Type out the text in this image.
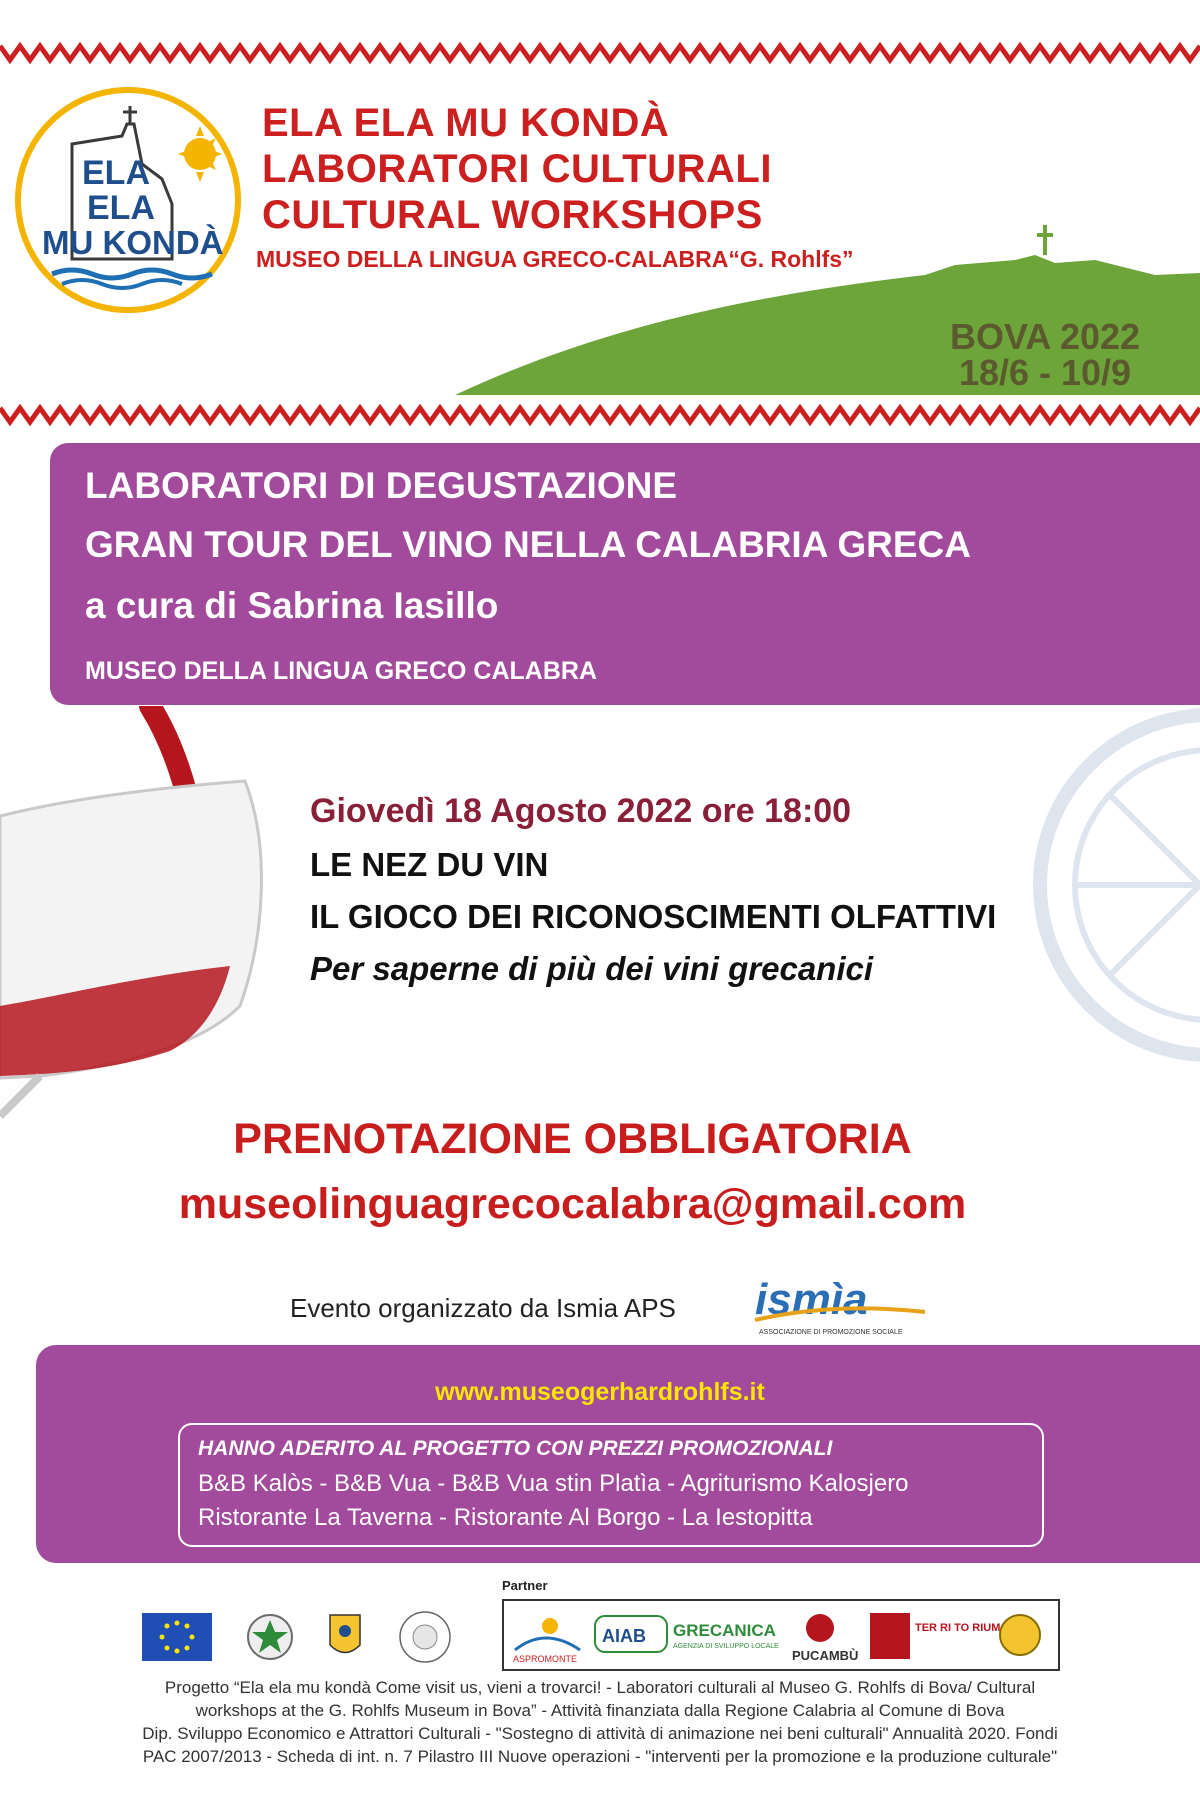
ELA
ELA
MU KONDÀ
ELA ELA MU KONDÀ
LABORATORI CULTURALI
CULTURAL WORKSHOPS
MUSEO DELLA LINGUA GRECO-CALABRA“G. Rohlfs”
BOVA 2022
18/6 - 10/9
LABORATORI DI DEGUSTAZIONE
GRAN TOUR DEL VINO NELLA CALABRIA GRECA
a cura di Sabrina Iasillo
MUSEO DELLA LINGUA GRECO CALABRA
Giovedì 18 Agosto 2022 ore 18:00
LE NEZ DU VIN
IL GIOCO DEI RICONOSCIMENTI OLFATTIVI
Per saperne di più dei vini grecanici
PRENOTAZIONE OBBLIGATORIA
museolinguagrecocalabra@gmail.com
Evento organizzato da Ismia APS ismìa
ASSOCIAZIONE DI PROMOZIONE SOCIALE
www.museogerhardrohlfs.it
HANNO ADERITO AL PROGETTO CON PREZZI PROMOZIONALI
B&B Kalòs - B&B Vua - B&B Vua stin Platìa - Agriturismo Kalosjero
Ristorante La Taverna - Ristorante Al Borgo - La Iestopitta
Partner
ASPROMONTE
AIAB GRECANICA
AGENZIA DI SVILUPPO LOCALE
PUCAMBÙ
TER RI TO RIUM
Progetto “Ela ela mu kondà Come visit us, vieni a trovarci! - Laboratori culturali al Museo G. Rohlfs di Bova/ Cultural
workshops at the G. Rohlfs Museum in Bova” - Attività finanziata dalla Regione Calabria al Comune di Bova
Dip. Sviluppo Economico e Attrattori Culturali - "Sostegno di attività di animazione nei beni culturali" Annualità 2020. Fondi
PAC 2007/2013 - Scheda di int. n. 7 Pilastro III Nuove operazioni - "interventi per la promozione e la produzione culturale"
